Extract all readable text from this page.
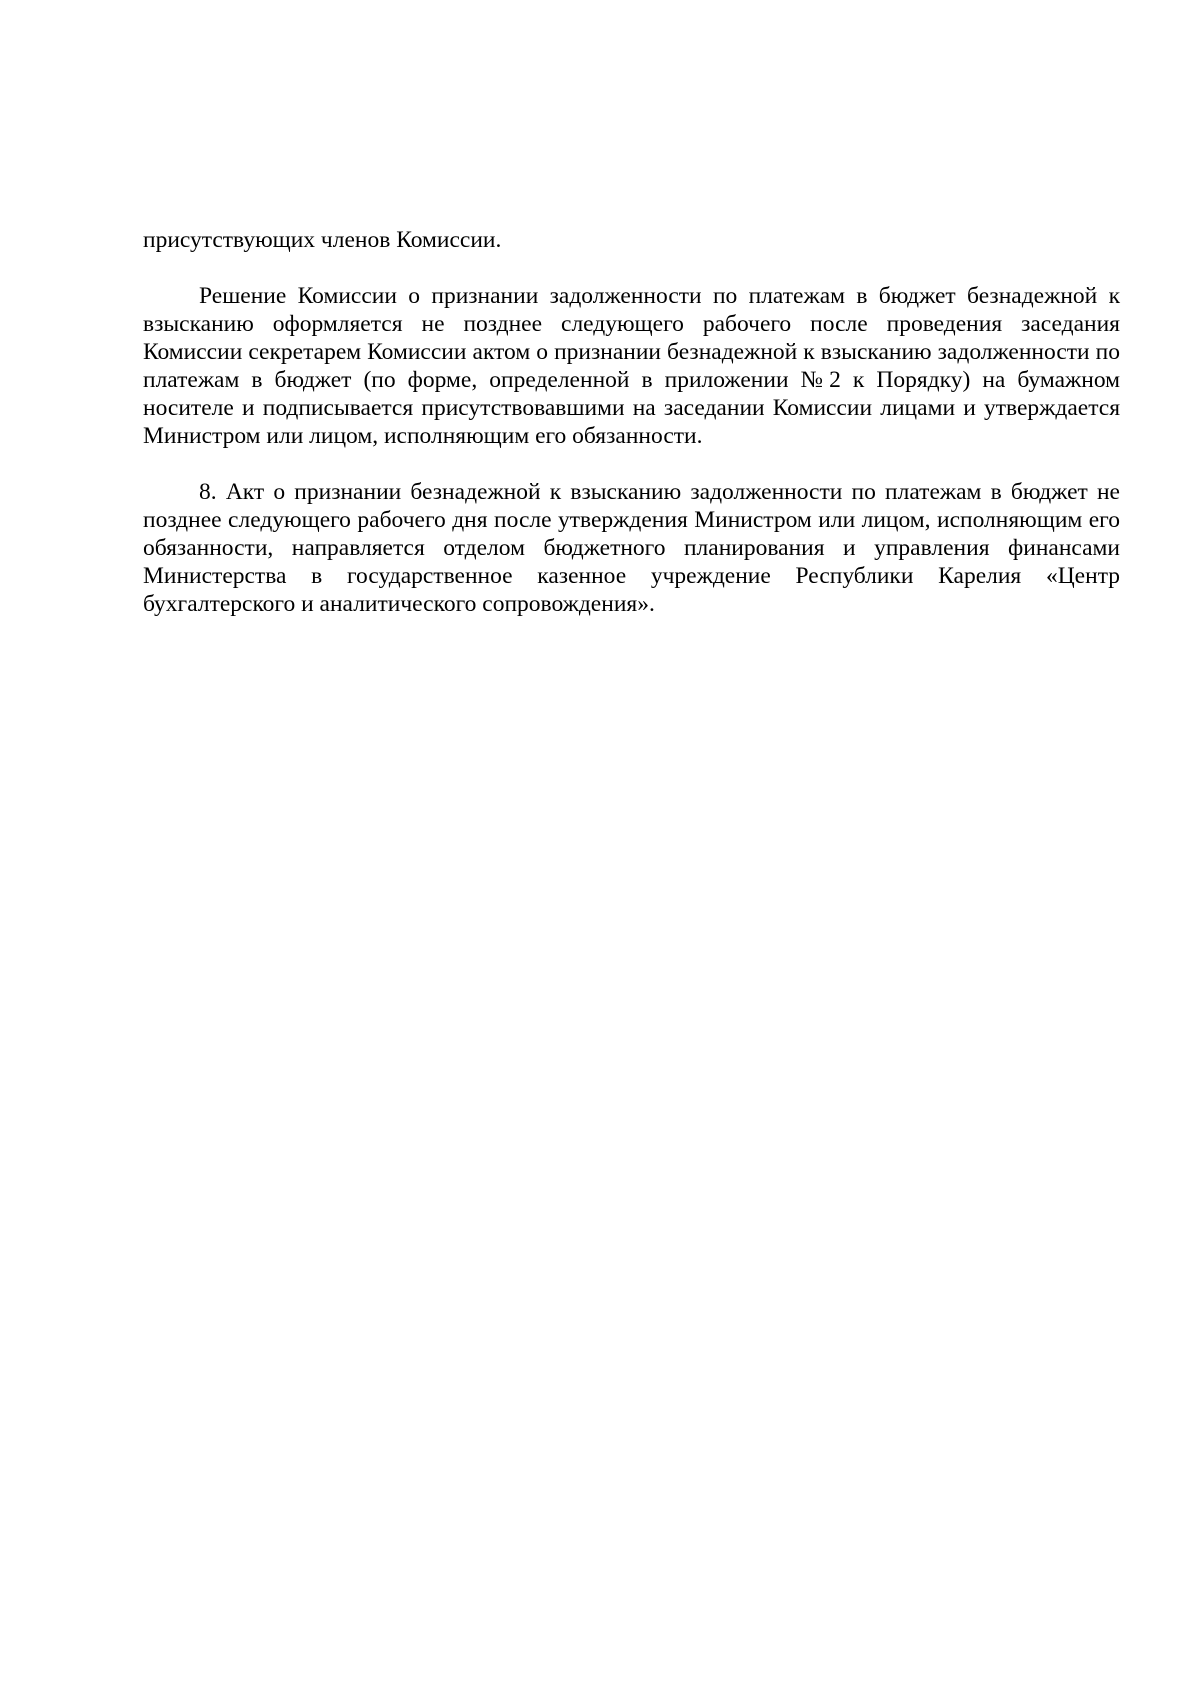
присутствующих членов Комиссии.

Решение Комиссии о признании задолженности по платежам в бюджет безнадежной к взысканию оформляется не позднее следующего рабочего после проведения заседания Комиссии секретарем Комиссии актом о признании безнадежной к взысканию задолженности по платежам в бюджет (по форме, определенной в приложении №2 к Порядку) на бумажном носителе и подписывается присутствовавшими на заседании Комиссии лицами и утверждается Министром или лицом, исполняющим его обязанности.

8. Акт о признании безнадежной к взысканию задолженности по платежам в бюджет не позднее следующего рабочего дня после утверждения Министром или лицом, исполняющим его обязанности, направляется отделом бюджетного планирования и управления финансами Министерства в государственное казенное учреждение Республики Карелия «Центр бухгалтерского и аналитического сопровождения».
